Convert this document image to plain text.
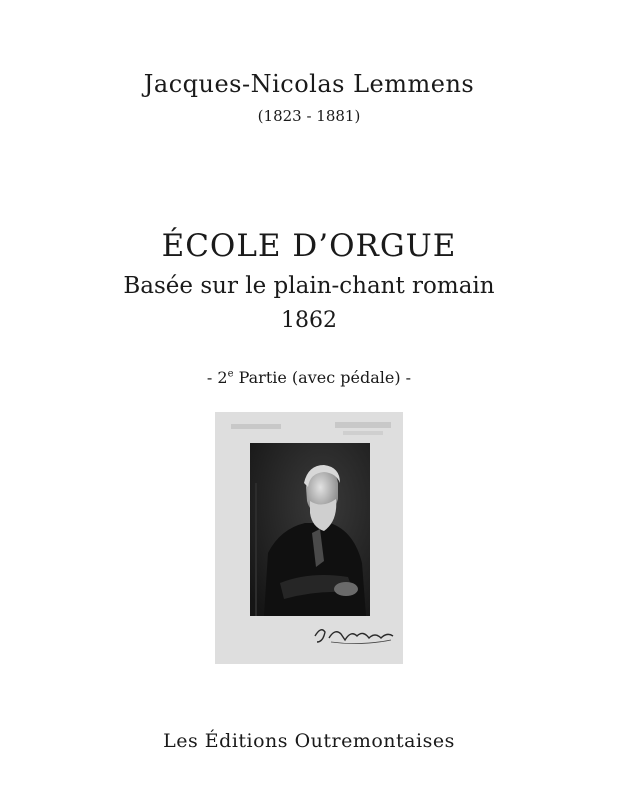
Jacques-Nicolas Lemmens
(1823 - 1881)
ÉCOLE D’ORGUE
Basée sur le plain-chant romain
1862
- 2e Partie (avec pédale) -
Les Éditions Outremontaises
